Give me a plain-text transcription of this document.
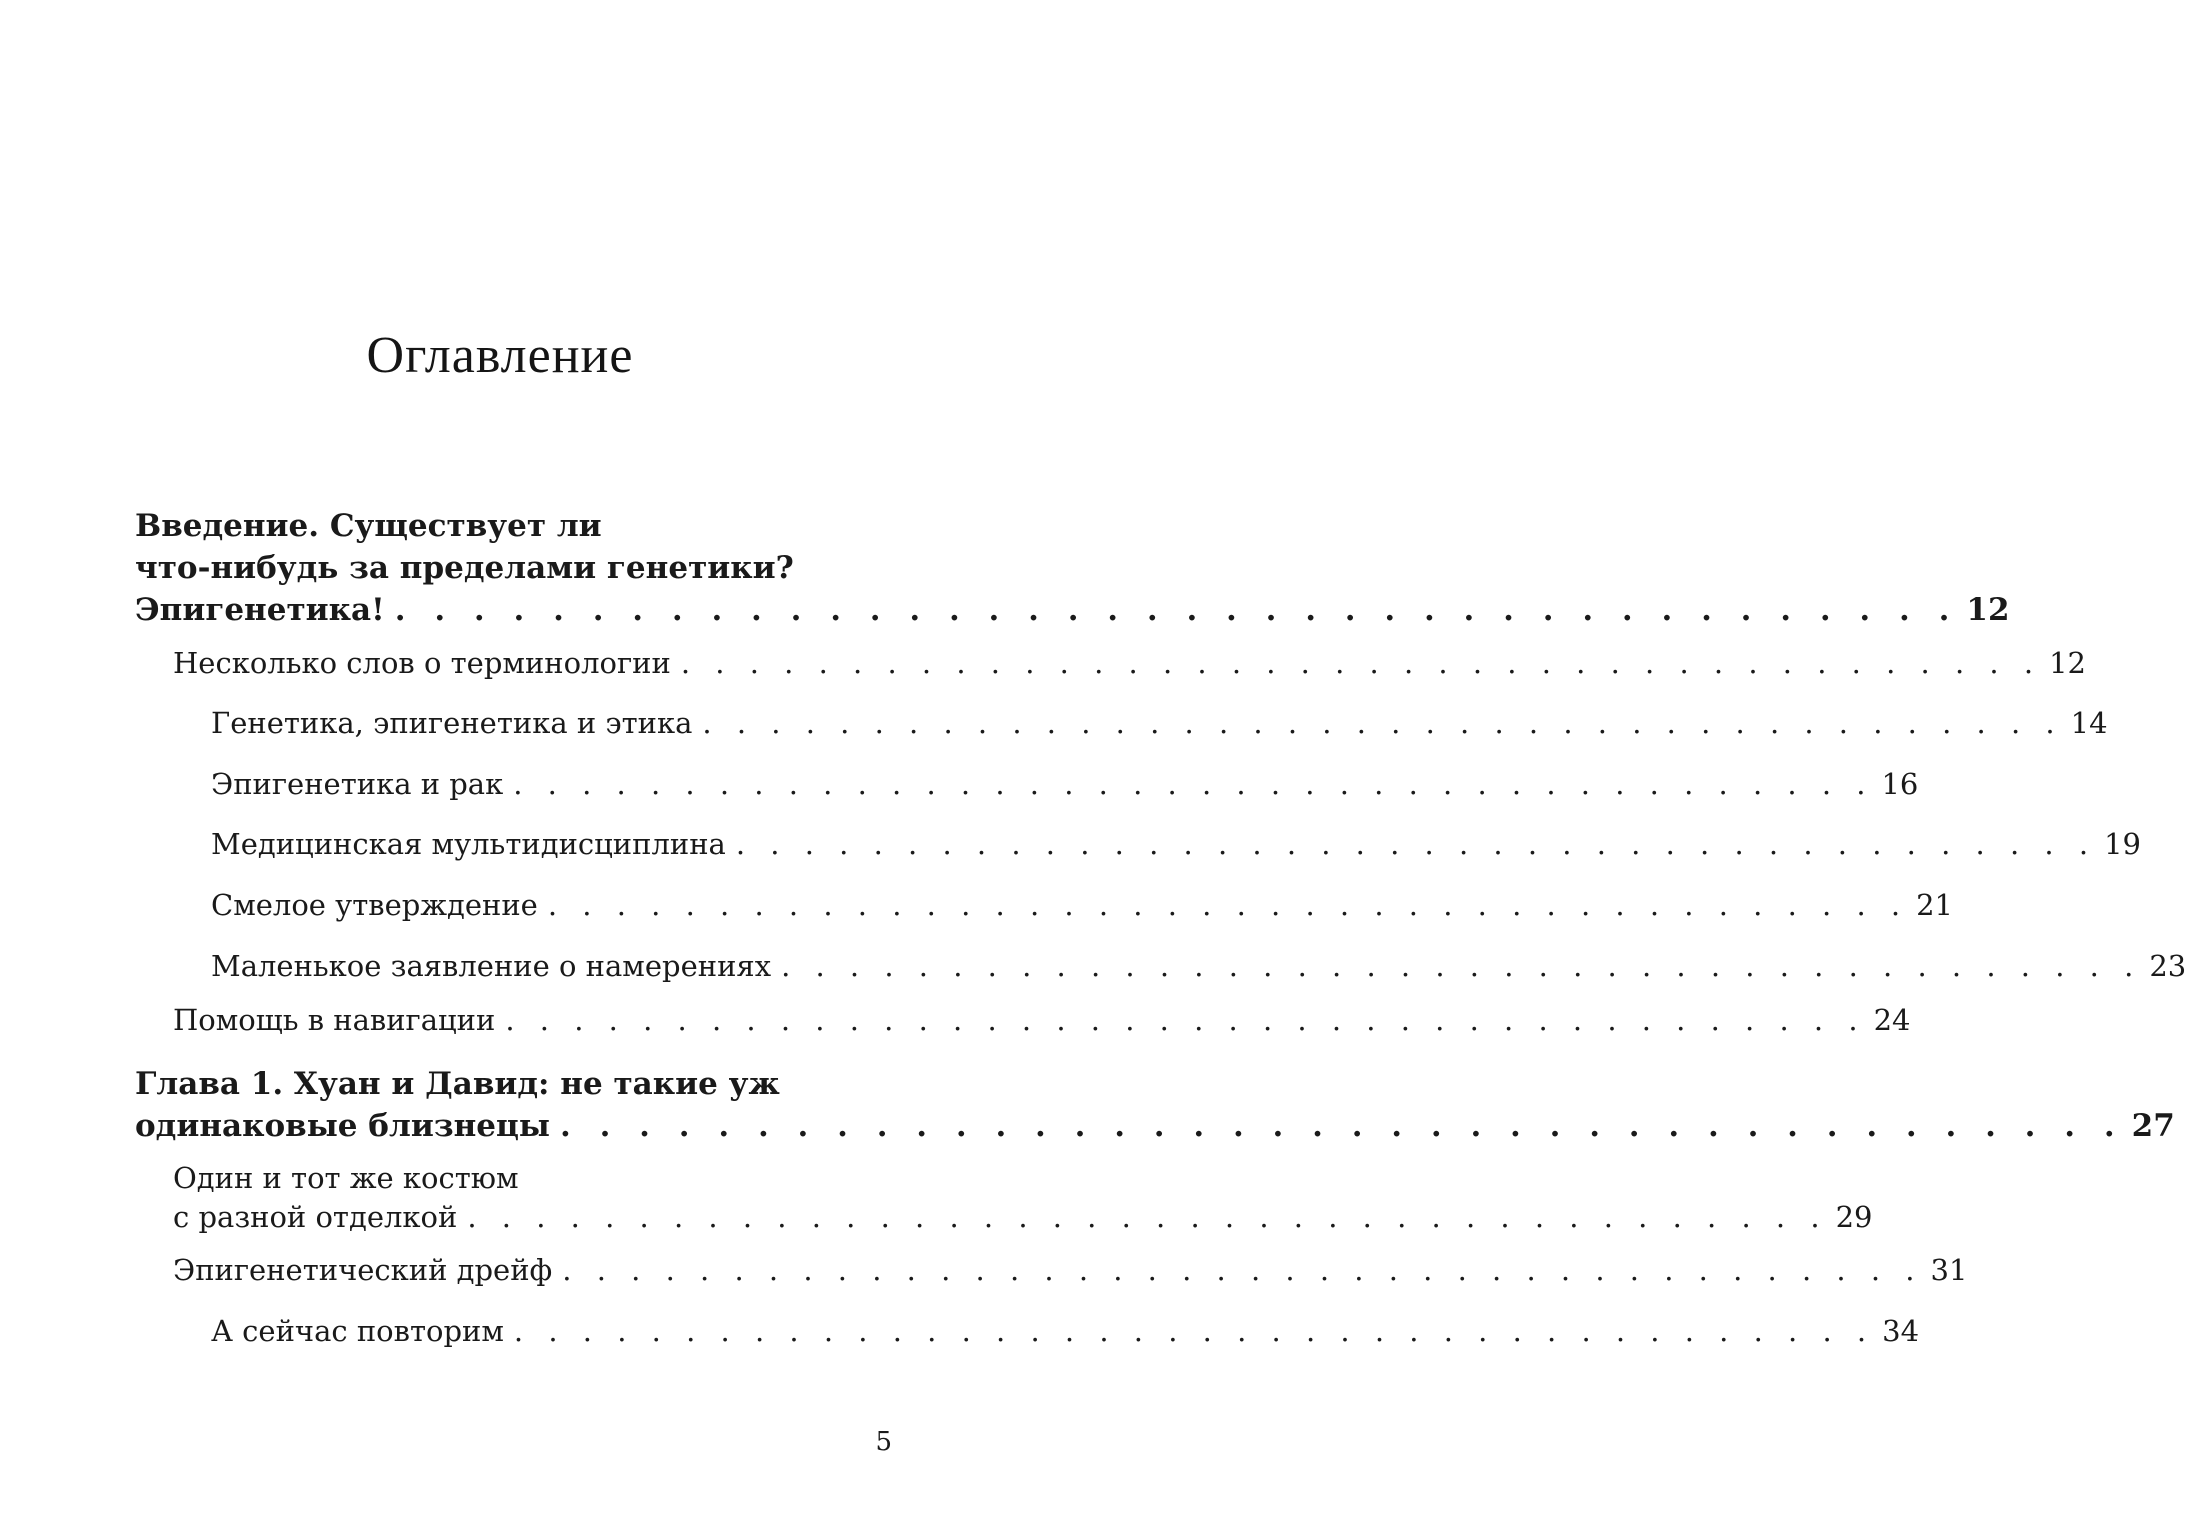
Оглавление
Введение. Существует ли
что-нибудь за пределами генетики?
Эпигенетика! . . . . . . . . . . . . . . . . . . . . . . . . . . . . . . . . . . . . . . . . 12
Несколько слов о терминологии . . . . . . . . . . . . . . . . . . . . . . . . . . . . . . . . . . . . . . . . 12
Генетика, эпигенетика и этика . . . . . . . . . . . . . . . . . . . . . . . . . . . . . . . . . . . . . . . . 14
Эпигенетика и рак . . . . . . . . . . . . . . . . . . . . . . . . . . . . . . . . . . . . . . . . 16
Медицинская мультидисциплина . . . . . . . . . . . . . . . . . . . . . . . . . . . . . . . . . . . . . . . . 19
Смелое утверждение . . . . . . . . . . . . . . . . . . . . . . . . . . . . . . . . . . . . . . . . 21
Маленькое заявление о намерениях . . . . . . . . . . . . . . . . . . . . . . . . . . . . . . . . . . . . . . . . 23
Помощь в навигации . . . . . . . . . . . . . . . . . . . . . . . . . . . . . . . . . . . . . . . . 24
Глава 1. Хуан и Давид: не такие уж
одинаковые близнецы . . . . . . . . . . . . . . . . . . . . . . . . . . . . . . . . . . . . . . . . 27
Один и тот же костюм
с разной отделкой . . . . . . . . . . . . . . . . . . . . . . . . . . . . . . . . . . . . . . . . 29
Эпигенетический дрейф . . . . . . . . . . . . . . . . . . . . . . . . . . . . . . . . . . . . . . . . 31
А сейчас повторим . . . . . . . . . . . . . . . . . . . . . . . . . . . . . . . . . . . . . . . . 34
5
